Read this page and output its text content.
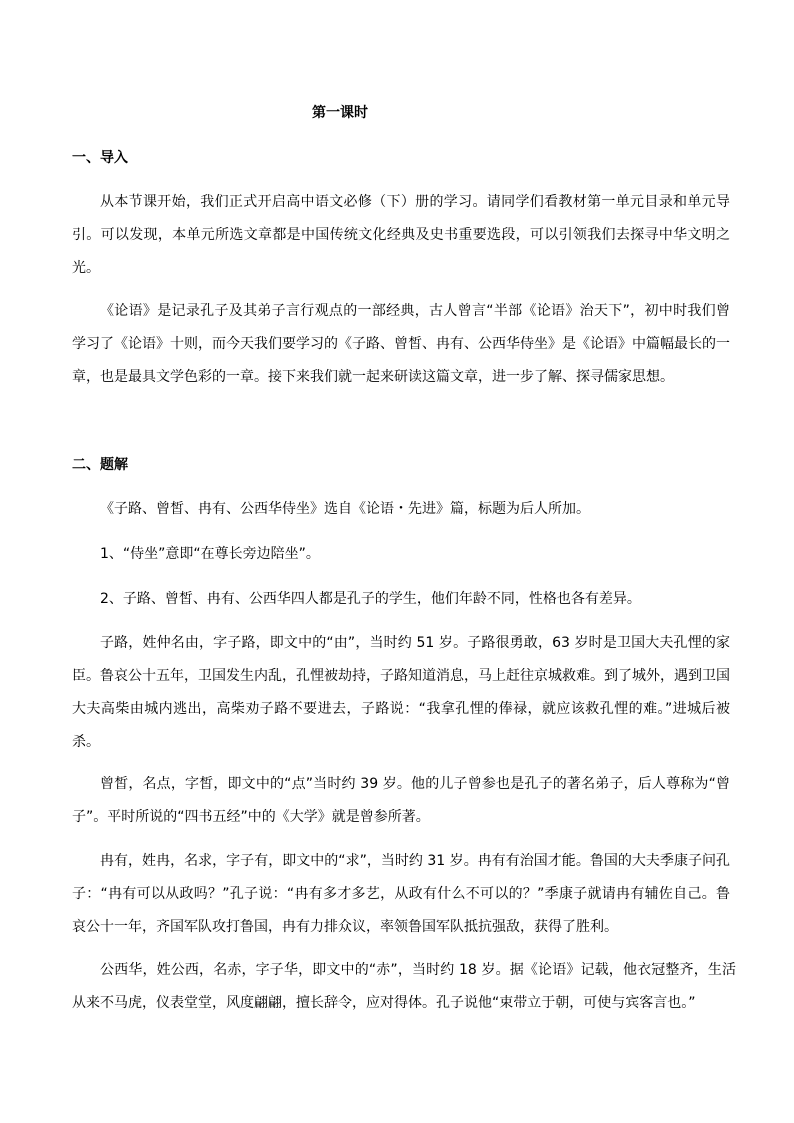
第一课时
一、导入
从本节课开始，我们正式开启高中语文必修（下）册的学习。请同学们看教材第一单元目录和单元导引。可以发现，本单元所选文章都是中国传统文化经典及史书重要选段，可以引领我们去探寻中华文明之光。
《论语》是记录孔子及其弟子言行观点的一部经典，古人曾言“半部《论语》治天下”，初中时我们曾学习了《论语》十则，而今天我们要学习的《子路、曾皙、冉有、公西华侍坐》是《论语》中篇幅最长的一章，也是最具文学色彩的一章。接下来我们就一起来研读这篇文章，进一步了解、探寻儒家思想。
二、题解
《子路、曾皙、冉有、公西华侍坐》选自《论语・先进》篇，标题为后人所加。
1、“侍坐”意即“在尊长旁边陪坐”。
2、子路、曾皙、冉有、公西华四人都是孔子的学生，他们年龄不同，性格也各有差异。
子路，姓仲名由，字子路，即文中的“由”，当时约 51 岁。子路很勇敢，63 岁时是卫国大夫孔悝的家臣。鲁哀公十五年，卫国发生内乱，孔悝被劫持，子路知道消息，马上赶往京城救难。到了城外，遇到卫国大夫高柴由城内逃出，高柴劝子路不要进去，子路说：“我拿孔悝的俸禄，就应该救孔悝的难。”进城后被杀。
曾皙，名点，字皙，即文中的“点”当时约 39 岁。他的儿子曾参也是孔子的著名弟子，后人尊称为“曾子”。平时所说的“四书五经”中的《大学》就是曾参所著。
冉有，姓冉，名求，字子有，即文中的“求”，当时约 31 岁。冉有有治国才能。鲁国的大夫季康子问孔子：“冉有可以从政吗？”孔子说：“冉有多才多艺，从政有什么不可以的？”季康子就请冉有辅佐自己。鲁哀公十一年，齐国军队攻打鲁国，冉有力排众议，率领鲁国军队抵抗强敌，获得了胜利。
公西华，姓公西，名赤，字子华，即文中的“赤”，当时约 18 岁。据《论语》记载，他衣冠整齐，生活从来不马虎，仪表堂堂，风度翩翩，擅长辞令，应对得体。孔子说他“束带立于朝，可使与宾客言也。”
